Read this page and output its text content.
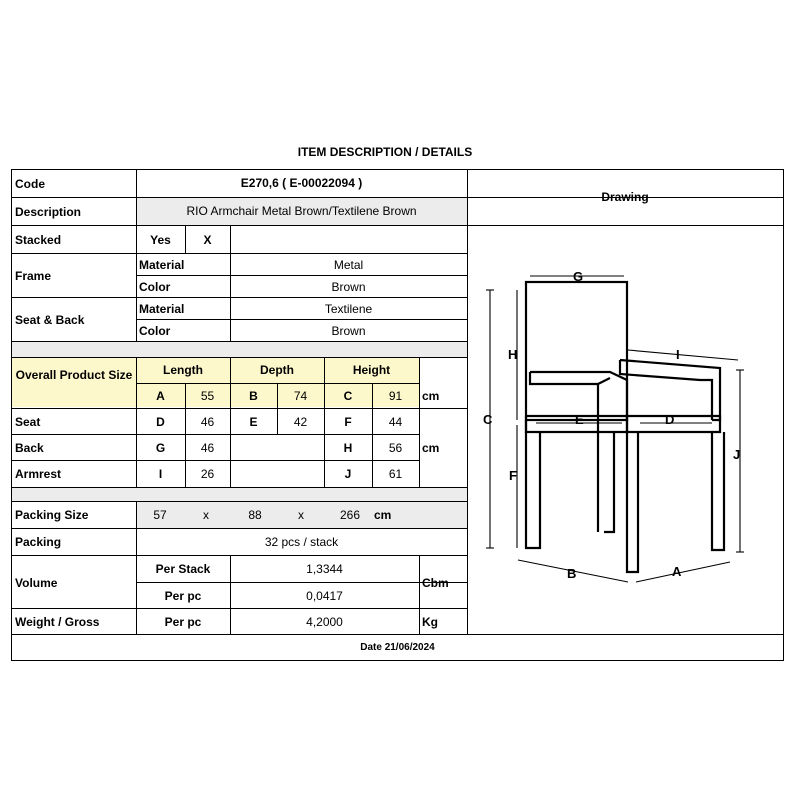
ITEM DESCRIPTION / DETAILS
Code	E270,6 ( E-00022094 )
Drawing
Description	RIO Armchair Metal Brown/Textilene Brown
Stacked	Yes	X
Frame
Material	Metal
Color	Brown
Seat & Back
Material	Textilene
Color	Brown
Overall Product Size	Length	Depth	Height
A	55	B	74	C	91	cm
Seat	D	46	E	42	F	44
Back	G	46	H	56	cm
Armrest	I	26	J	61
Packing Size	57	x	88	x	266	cm
Packing	32 pcs / stack
Volume
Per Stack	1,3344
Per pc	0,0417
Cbm
Weight / Gross	Per pc	4,2000	Kg
Date 21/06/2024
G
H
C
F
I
J
E	D
B	A
